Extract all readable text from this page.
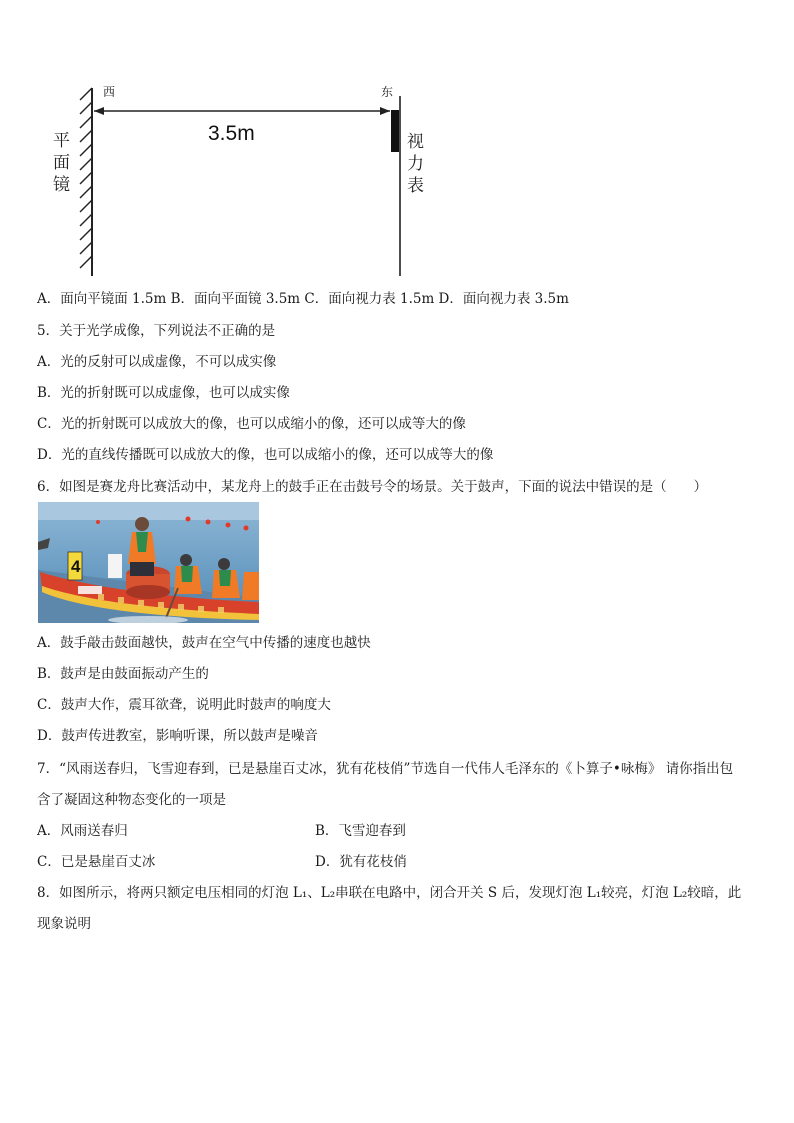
西	东
3.5m
平
面
镜
视
力
表
A．面向平镜面 1.5m B．面向平面镜 3.5m C．面向视力表 1.5m D．面向视力表 3.5m
5．关于光学成像，下列说法不正确的是
A．光的反射可以成虚像，不可以成实像
B．光的折射既可以成虚像，也可以成实像
C．光的折射既可以成放大的像，也可以成缩小的像，还可以成等大的像
D．光的直线传播既可以成放大的像，也可以成缩小的像，还可以成等大的像
6．如图是赛龙舟比赛活动中，某龙舟上的鼓手正在击鼓号令的场景。关于鼓声，下面的说法中错误的是（　　）
4
A．鼓手敲击鼓面越快，鼓声在空气中传播的速度也越快
B．鼓声是由鼓面振动产生的
C．鼓声大作，震耳欲聋，说明此时鼓声的响度大
D．鼓声传进教室，影响听课，所以鼓声是噪音
7．“风雨送春归，飞雪迎春到，已是悬崖百丈冰，犹有花枝俏”节选自一代伟人毛泽东的《卜算子•咏梅》 请你指出包
含了凝固这种物态变化的一项是
A．风雨送春归	B．飞雪迎春到
C．已是悬崖百丈冰	D．犹有花枝俏
8．如图所示，将两只额定电压相同的灯泡 L₁、L₂串联在电路中，闭合开关 S 后，发现灯泡 L₁较亮，灯泡 L₂较暗，此
现象说明
